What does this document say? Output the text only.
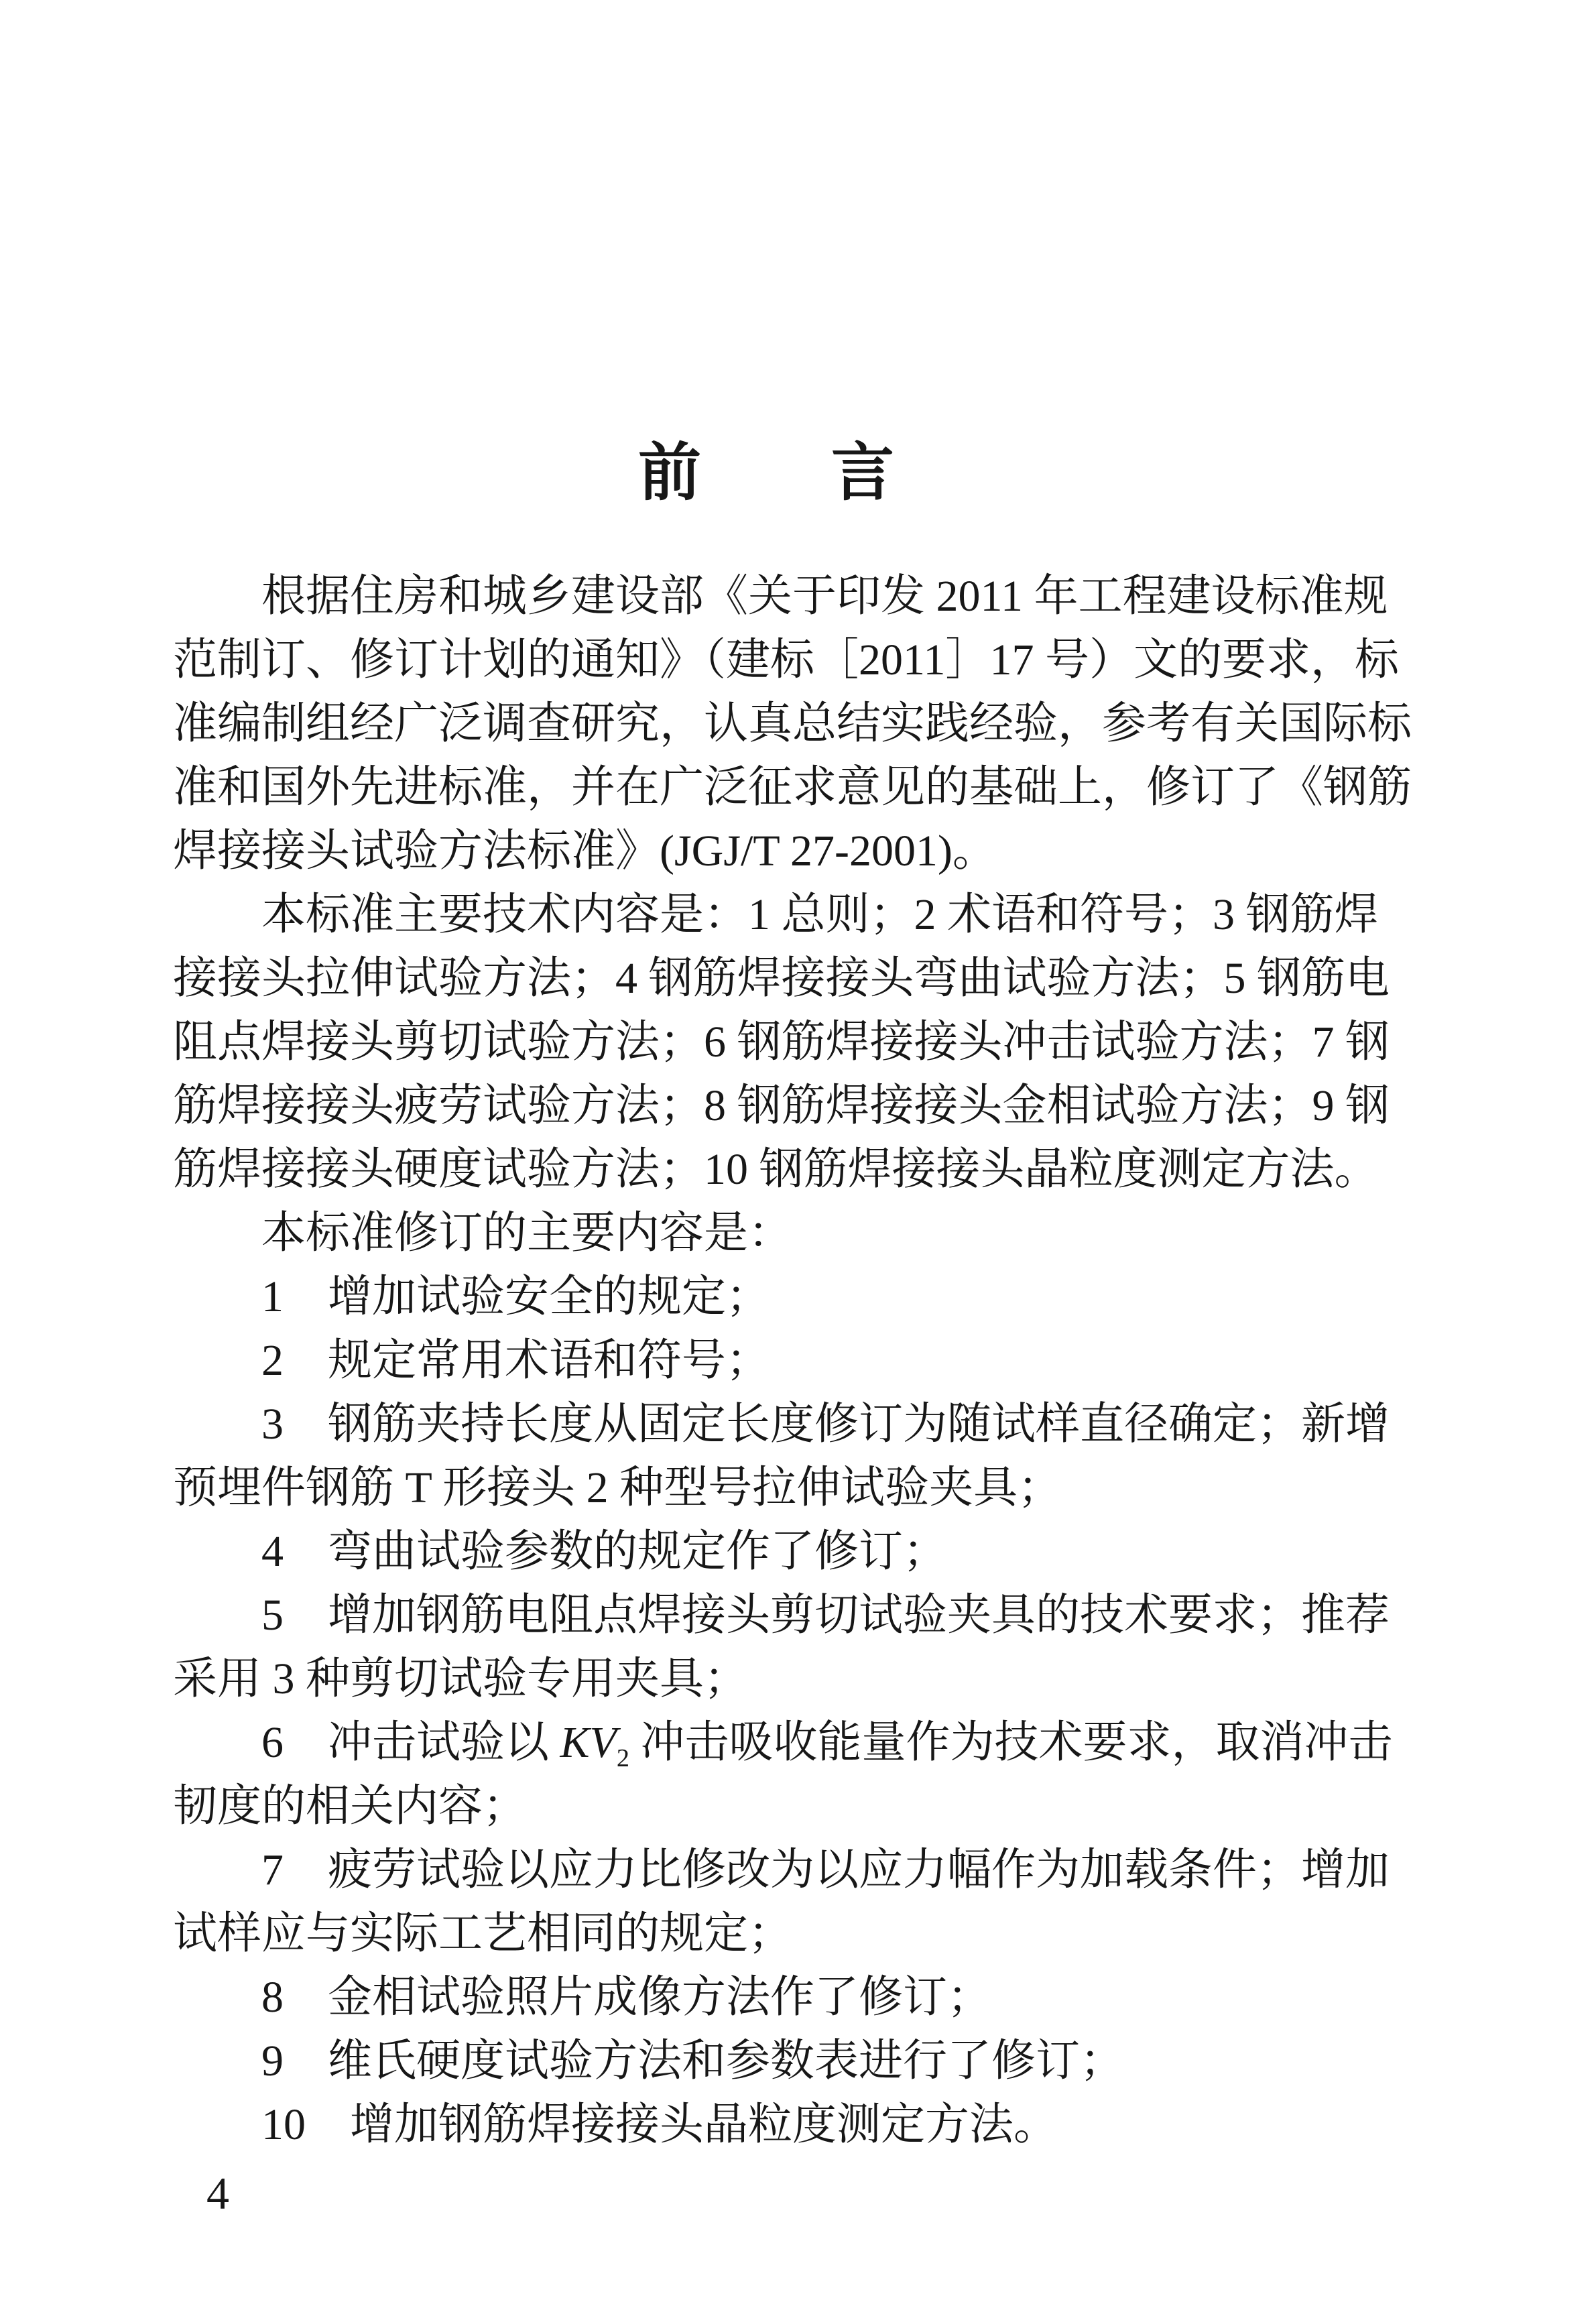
前　　言

根据住房和城乡建设部《关于印发 2011 年工程建设标准规

范制订、修订计划的通知》（建标［2011］17 号）文的要求，标

准编制组经广泛调查研究，认真总结实践经验，参考有关国际标

准和国外先进标准，并在广泛征求意见的基础上，修订了《钢筋

焊接接头试验方法标准》(JGJ/T 27-2001)。

本标准主要技术内容是：1 总则；2 术语和符号；3 钢筋焊

接接头拉伸试验方法；4 钢筋焊接接头弯曲试验方法；5 钢筋电

阻点焊接头剪切试验方法；6 钢筋焊接接头冲击试验方法；7 钢

筋焊接接头疲劳试验方法；8 钢筋焊接接头金相试验方法；9 钢

筋焊接接头硬度试验方法；10 钢筋焊接接头晶粒度测定方法。

本标准修订的主要内容是：

1　增加试验安全的规定；

2　规定常用术语和符号；

3　钢筋夹持长度从固定长度修订为随试样直径确定；新增

预埋件钢筋 T 形接头 2 种型号拉伸试验夹具；

4　弯曲试验参数的规定作了修订；

5　增加钢筋电阻点焊接头剪切试验夹具的技术要求；推荐

采用 3 种剪切试验专用夹具；

6　冲击试验以 $KV_2$ 冲击吸收能量作为技术要求，取消冲击

韧度的相关内容；

7　疲劳试验以应力比修改为以应力幅作为加载条件；增加

试样应与实际工艺相同的规定；

8　金相试验照片成像方法作了修订；

9　维氏硬度试验方法和参数表进行了修订；

10　增加钢筋焊接接头晶粒度测定方法。

4
